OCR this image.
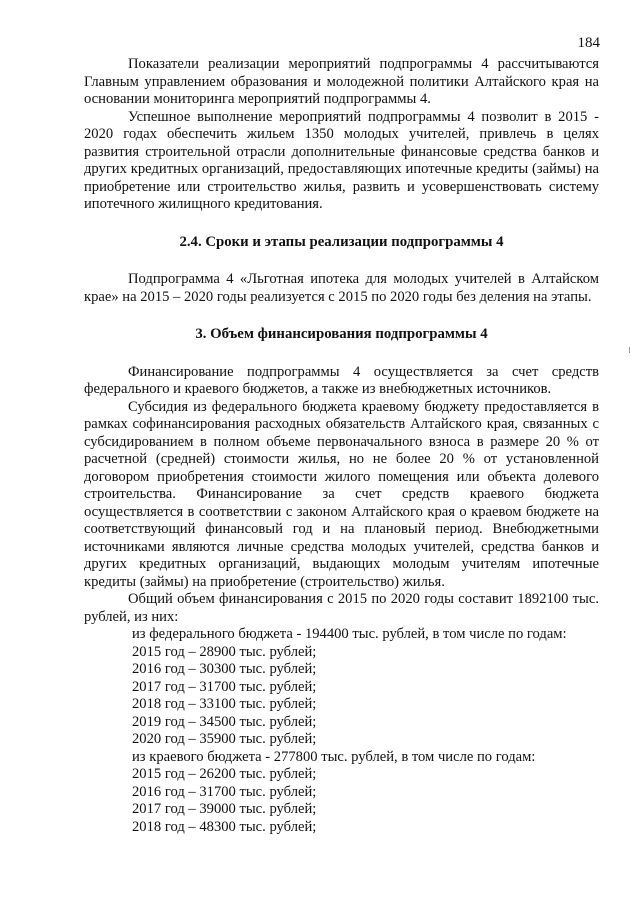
184

Показатели реализации мероприятий подпрограммы 4 рассчитываются Главным управлением образования и молодежной политики Алтайского края на основании мониторинга мероприятий подпрограммы 4.

Успешное выполнение мероприятий подпрограммы 4 позволит в 2015 - 2020 годах обеспечить жильем 1350 молодых учителей, привлечь в целях развития строительной отрасли дополнительные финансовые средства банков и других кредитных организаций, предоставляющих ипотечные кредиты (займы) на приобретение или строительство жилья, развить и усовершенствовать систему ипотечного жилищного кредитования.

2.4. Сроки и этапы реализации подпрограммы 4

Подпрограмма 4 «Льготная ипотека для молодых учителей в Алтайском крае» на 2015 – 2020 годы реализуется с 2015 по 2020 годы без деления на этапы.

3. Объем финансирования подпрограммы 4

Финансирование подпрограммы 4 осуществляется за счет средств федерального и краевого бюджетов, а также из внебюджетных источников.

Субсидия из федерального бюджета краевому бюджету предоставляется в рамках софинансирования расходных обязательств Алтайского края, связанных с субсидированием в полном объеме первоначального взноса в размере 20 % от расчетной (средней) стоимости жилья, но не более 20 % от установленной договором приобретения стоимости жилого помещения или объекта долевого строительства. Финансирование за счет средств краевого бюджета осуществляется в соответствии с законом Алтайского края о краевом бюджете на соответствующий финансовый год и на плановый период. Внебюджетными источниками являются личные средства молодых учителей, средства банков и других кредитных организаций, выдающих молодым учителям ипотечные кредиты (займы) на приобретение (строительство) жилья.

Общий объем финансирования с 2015 по 2020 годы составит 1892100 тыс. рублей, из них:

из федерального бюджета - 194400 тыс. рублей, в том числе по годам:

2015 год – 28900 тыс. рублей;

2016 год – 30300 тыс. рублей;

2017 год – 31700 тыс. рублей;

2018 год – 33100 тыс. рублей;

2019 год – 34500 тыс. рублей;

2020 год – 35900 тыс. рублей;

из краевого бюджета - 277800 тыс. рублей, в том числе по годам:

2015 год – 26200 тыс. рублей;

2016 год – 31700 тыс. рублей;

2017 год – 39000 тыс. рублей;

2018 год – 48300 тыс. рублей;
